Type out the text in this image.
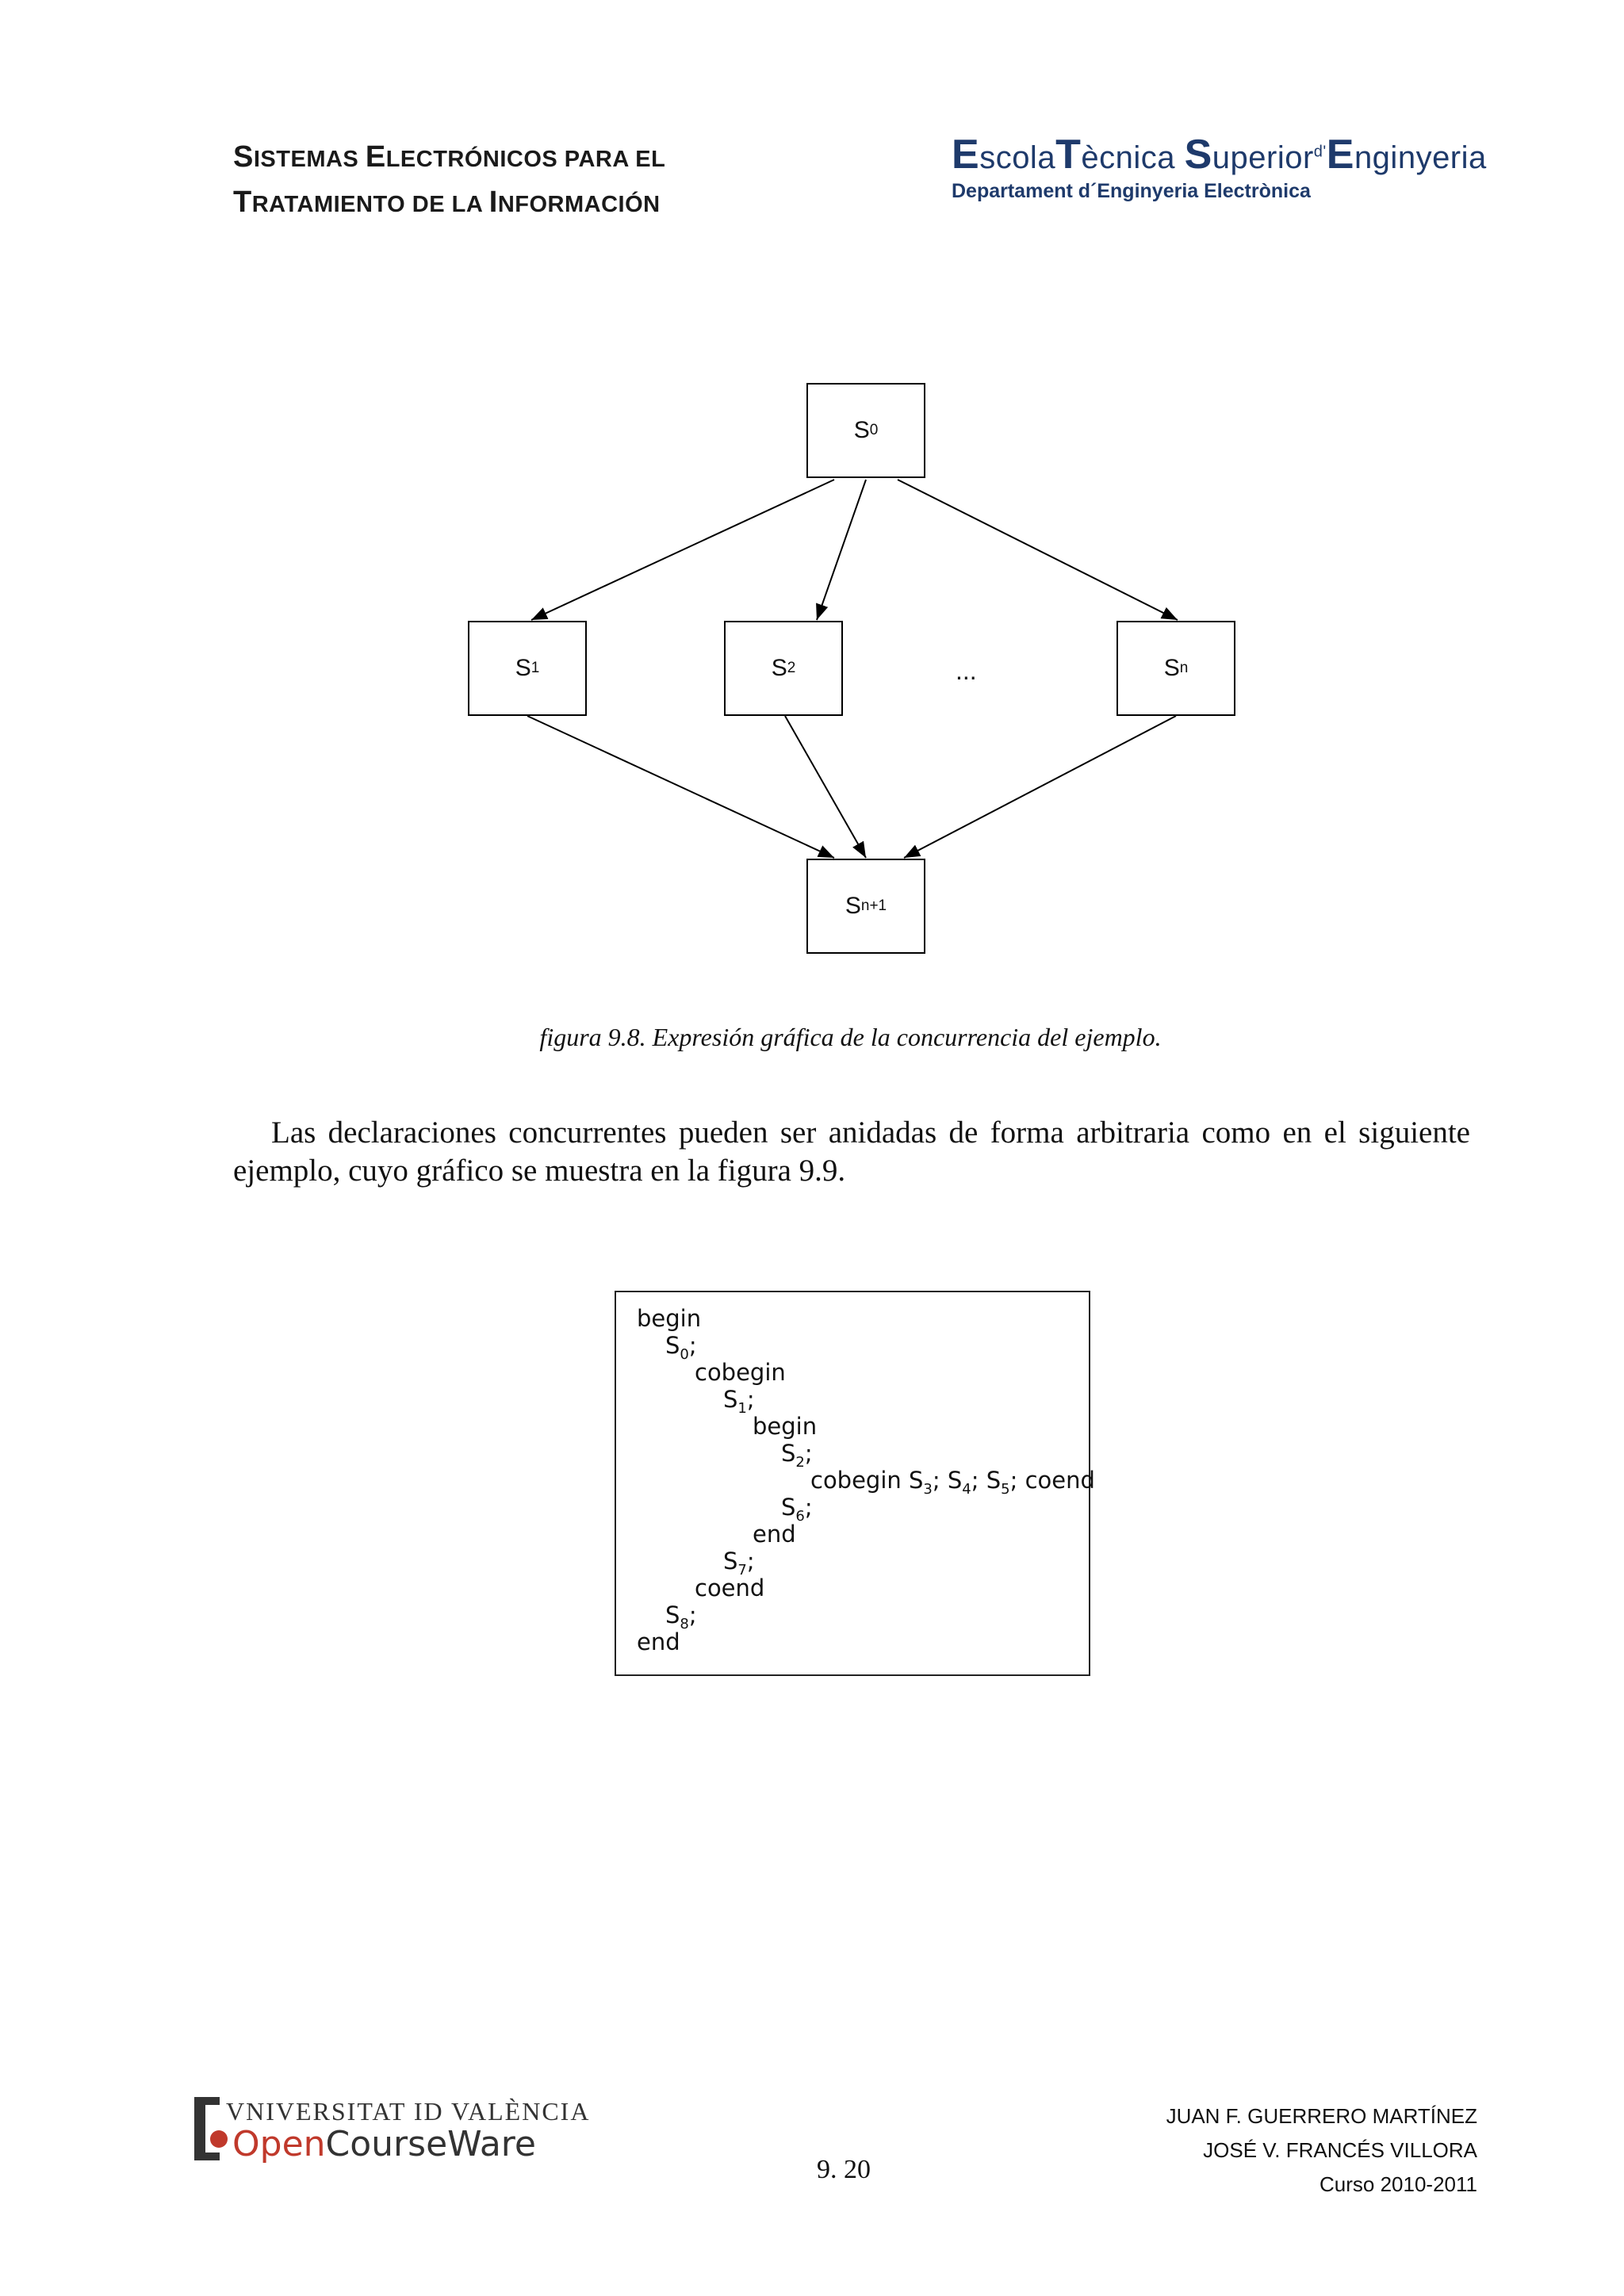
SISTEMAS ELECTRÓNICOS PARA EL
TRATAMIENTO DE LA INFORMACIÓN
EscolaTècnica Superior$^{d'}$Enginyeria
Departament d´Enginyeria Electrònica
S 0
S 1	S 2	...	S n
S n+1
figura 9.8. Expresión gráfica de la concurrencia del ejemplo.
Las declaraciones concurrentes pueden ser anidadas de forma arbitraria como en el siguiente ejemplo, cuyo gráfico se muestra en la figura 9.9.
begin
$S_0$;
cobegin
$S_1$;
begin
$S_2$;
cobegin $S_3$; $S_4$; $S_5$; coend
$S_6$;
end
$S_7$;
coend
$S_8$;
end
VNIVERSITAT ID VALÈNCIA
OpenCourseWare
9. 20
JUAN F. GUERRERO MARTÍNEZ
JOSÉ V. FRANCÉS VILLORA
Curso 2010-2011
